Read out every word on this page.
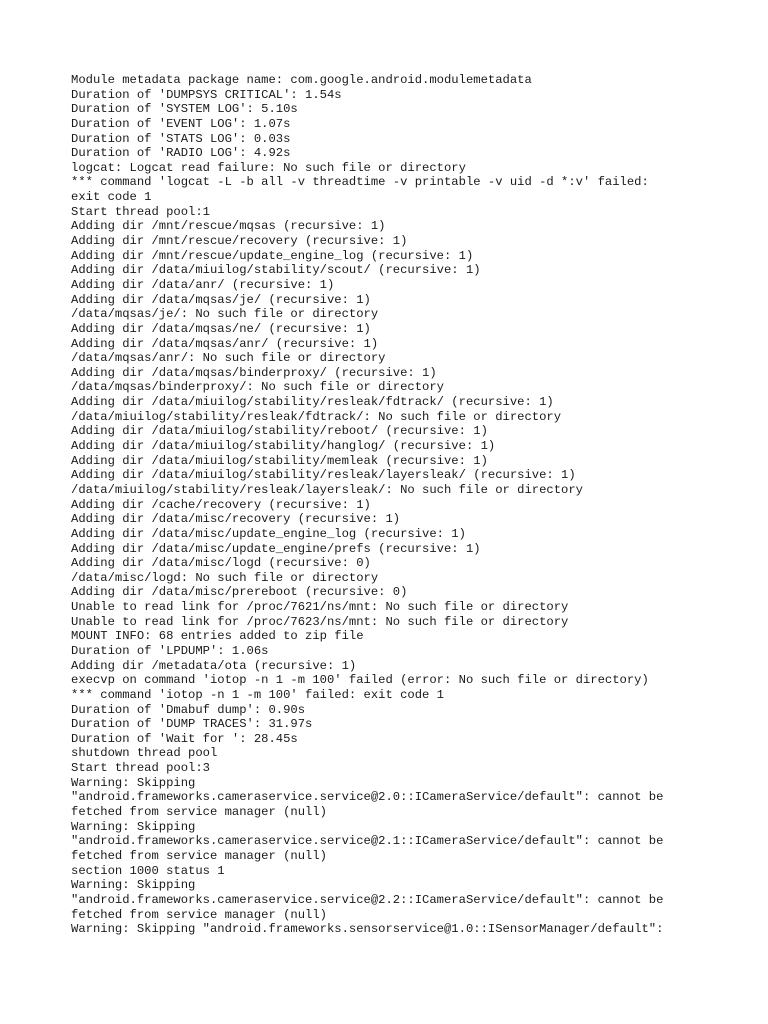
Module metadata package name: com.google.android.modulemetadata
Duration of 'DUMPSYS CRITICAL': 1.54s
Duration of 'SYSTEM LOG': 5.10s
Duration of 'EVENT LOG': 1.07s
Duration of 'STATS LOG': 0.03s
Duration of 'RADIO LOG': 4.92s
logcat: Logcat read failure: No such file or directory
*** command 'logcat -L -b all -v threadtime -v printable -v uid -d *:v' failed:
exit code 1
Start thread pool:1
Adding dir /mnt/rescue/mqsas (recursive: 1)
Adding dir /mnt/rescue/recovery (recursive: 1)
Adding dir /mnt/rescue/update_engine_log (recursive: 1)
Adding dir /data/miuilog/stability/scout/ (recursive: 1)
Adding dir /data/anr/ (recursive: 1)
Adding dir /data/mqsas/je/ (recursive: 1)
/data/mqsas/je/: No such file or directory
Adding dir /data/mqsas/ne/ (recursive: 1)
Adding dir /data/mqsas/anr/ (recursive: 1)
/data/mqsas/anr/: No such file or directory
Adding dir /data/mqsas/binderproxy/ (recursive: 1)
/data/mqsas/binderproxy/: No such file or directory
Adding dir /data/miuilog/stability/resleak/fdtrack/ (recursive: 1)
/data/miuilog/stability/resleak/fdtrack/: No such file or directory
Adding dir /data/miuilog/stability/reboot/ (recursive: 1)
Adding dir /data/miuilog/stability/hanglog/ (recursive: 1)
Adding dir /data/miuilog/stability/memleak (recursive: 1)
Adding dir /data/miuilog/stability/resleak/layersleak/ (recursive: 1)
/data/miuilog/stability/resleak/layersleak/: No such file or directory
Adding dir /cache/recovery (recursive: 1)
Adding dir /data/misc/recovery (recursive: 1)
Adding dir /data/misc/update_engine_log (recursive: 1)
Adding dir /data/misc/update_engine/prefs (recursive: 1)
Adding dir /data/misc/logd (recursive: 0)
/data/misc/logd: No such file or directory
Adding dir /data/misc/prereboot (recursive: 0)
Unable to read link for /proc/7621/ns/mnt: No such file or directory
Unable to read link for /proc/7623/ns/mnt: No such file or directory
MOUNT INFO: 68 entries added to zip file
Duration of 'LPDUMP': 1.06s
Adding dir /metadata/ota (recursive: 1)
execvp on command 'iotop -n 1 -m 100' failed (error: No such file or directory)
*** command 'iotop -n 1 -m 100' failed: exit code 1
Duration of 'Dmabuf dump': 0.90s
Duration of 'DUMP TRACES': 31.97s
Duration of 'Wait for ': 28.45s
shutdown thread pool
Start thread pool:3
Warning: Skipping
"android.frameworks.cameraservice.service@2.0::ICameraService/default": cannot be
fetched from service manager (null)
Warning: Skipping
"android.frameworks.cameraservice.service@2.1::ICameraService/default": cannot be
fetched from service manager (null)
section 1000 status 1
Warning: Skipping
"android.frameworks.cameraservice.service@2.2::ICameraService/default": cannot be
fetched from service manager (null)
Warning: Skipping "android.frameworks.sensorservice@1.0::ISensorManager/default":
